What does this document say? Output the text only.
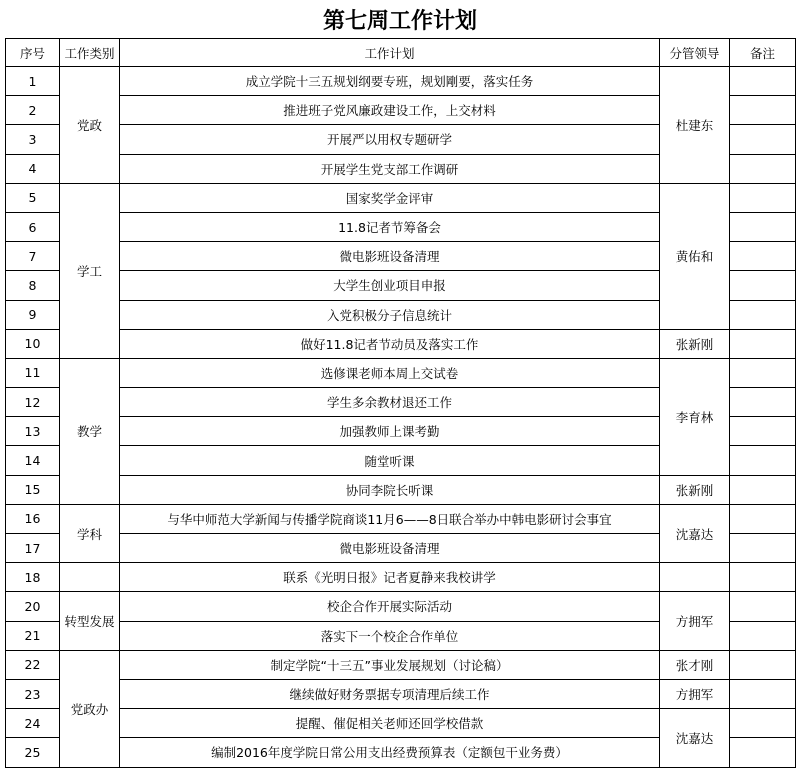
第七周工作计划
序号	工作类别	工作计划	分管领导	备注
1	党政	成立学院十三五规划纲要专班，规划剛要，落实任务	杜建东	
2		推进班子党风廉政建设工作，上交材料		
3		开展严以用权专题研学		
4		开展学生党支部工作调研		
5	学工	国家奖学金评审	黄佑和	
6		11.8记者节筹备会		
7		微电影班设备清理		
8		大学生创业项目申报		
9		入党积极分子信息统计		
10		做好11.8记者节动员及落实工作	张新刚	
11	教学	选修课老师本周上交试卷	李育林	
12		学生多余教材退还工作		
13		加强教师上课考勤		
14		随堂听课		
15		协同李院长听课	张新刚	
16	学科	与华中师范大学新闻与传播学院商谈11月6——8日联合举办中韩电影研讨会事宜	沈嘉达	
17		微电影班设备清理		
18		联系《光明日报》记者夏静来我校讲学		
20	转型发展	校企合作开展实际活动	方拥军	
21		落实下一个校企合作单位		
22	党政办	制定学院“十三五”事业发展规划（讨论稿）	张才刚	
23		继续做好财务票据专项清理后续工作	方拥军	
24		提醒、催促相关老师还回学校借款	沈嘉达	
25		编制2016年度学院日常公用支出经费预算表（定额包干业务费）		
